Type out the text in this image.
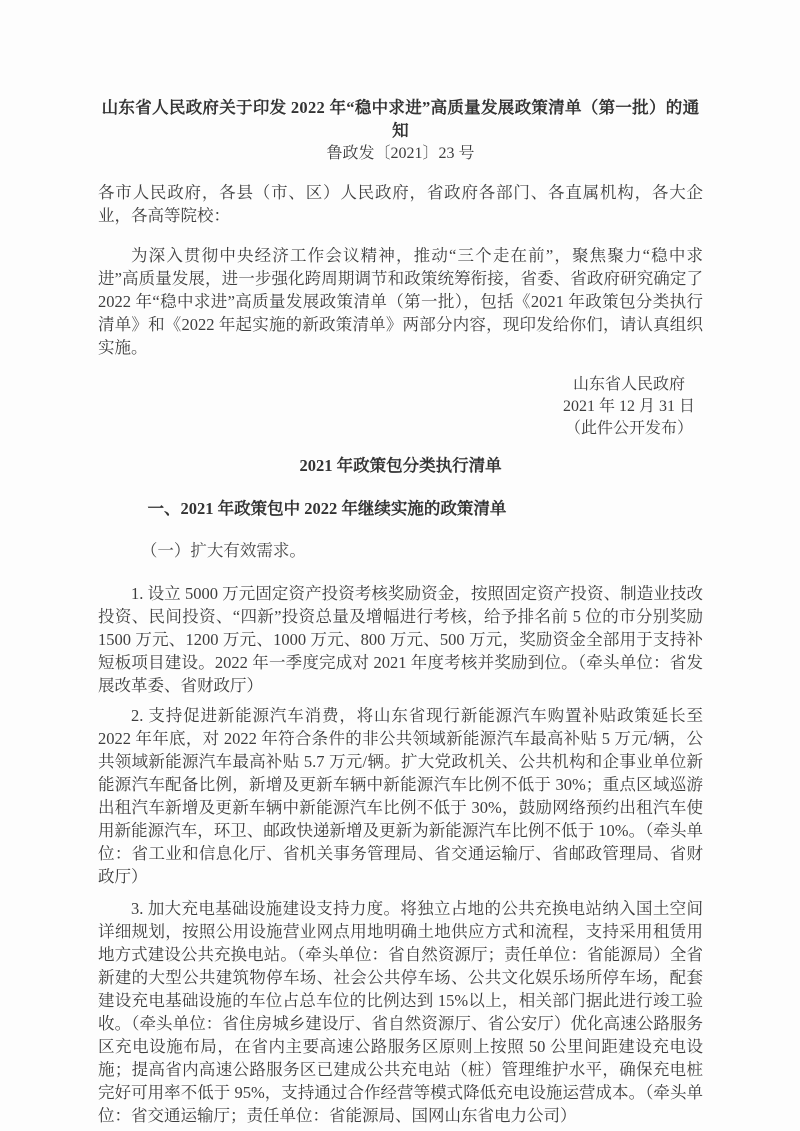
山东省人民政府关于印发 2022 年“稳中求进”高质量发展政策清单（第一批）的通知
鲁政发〔2021〕23 号

各市人民政府，各县（市、区）人民政府，省政府各部门、各直属机构，各大企业，各高等院校：

为深入贯彻中央经济工作会议精神，推动“三个走在前”，聚焦聚力“稳中求进”高质量发展，进一步强化跨周期调节和政策统筹衔接，省委、省政府研究确定了 2022 年“稳中求进”高质量发展政策清单（第一批），包括《2021 年政策包分类执行清单》和《2022 年起实施的新政策清单》两部分内容，现印发给你们，请认真组织实施。

山东省人民政府
2021 年 12 月 31 日
（此件公开发布）
2021 年政策包分类执行清单
一、2021 年政策包中 2022 年继续实施的政策清单

（一）扩大有效需求。

1. 设立 5000 万元固定资产投资考核奖励资金，按照固定资产投资、制造业技改投资、民间投资、“四新”投资总量及增幅进行考核，给予排名前 5 位的市分别奖励 1500 万元、1200 万元、1000 万元、800 万元、500 万元，奖励资金全部用于支持补短板项目建设。2022 年一季度完成对 2021 年度考核并奖励到位。（牵头单位：省发展改革委、省财政厅）

2. 支持促进新能源汽车消费，将山东省现行新能源汽车购置补贴政策延长至 2022 年年底，对 2022 年符合条件的非公共领域新能源汽车最高补贴 5 万元/辆，公共领域新能源汽车最高补贴 5.7 万元/辆。扩大党政机关、公共机构和企事业单位新能源汽车配备比例，新增及更新车辆中新能源汽车比例不低于 30%；重点区域巡游出租汽车新增及更新车辆中新能源汽车比例不低于 30%，鼓励网络预约出租汽车使用新能源汽车，环卫、邮政快递新增及更新为新能源汽车比例不低于 10%。（牵头单位：省工业和信息化厅、省机关事务管理局、省交通运输厅、省邮政管理局、省财政厅）

3. 加大充电基础设施建设支持力度。将独立占地的公共充换电站纳入国土空间详细规划，按照公用设施营业网点用地明确土地供应方式和流程，支持采用租赁用地方式建设公共充换电站。（牵头单位：省自然资源厅；责任单位：省能源局）全省新建的大型公共建筑物停车场、社会公共停车场、公共文化娱乐场所停车场，配套建设充电基础设施的车位占总车位的比例达到 15%以上，相关部门据此进行竣工验收。（牵头单位：省住房城乡建设厅、省自然资源厅、省公安厅）优化高速公路服务区充电设施布局，在省内主要高速公路服务区原则上按照 50 公里间距建设充电设施；提高省内高速公路服务区已建成公共充电站（桩）管理维护水平，确保充电桩完好可用率不低于 95%，支持通过合作经营等模式降低充电设施运营成本。（牵头单位：省交通运输厅；责任单位：省能源局、国网山东省电力公司）
